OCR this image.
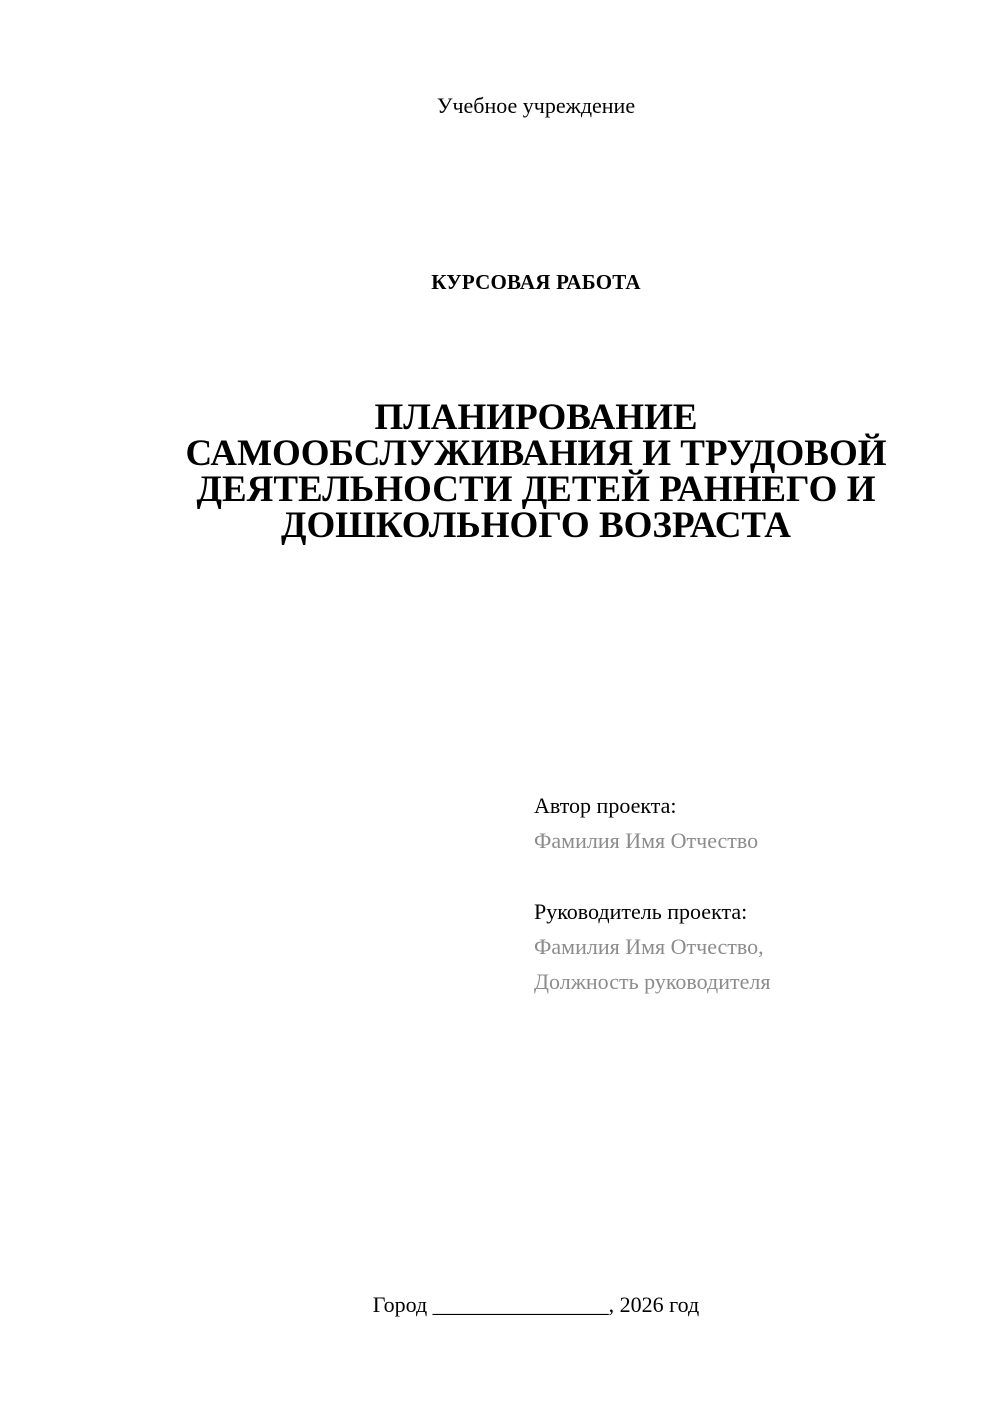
Учебное учреждение
КУРСОВАЯ РАБОТА
ПЛАНИРОВАНИЕ
САМООБСЛУЖИВАНИЯ И ТРУДОВОЙ
ДЕЯТЕЛЬНОСТИ ДЕТЕЙ РАННЕГО И
ДОШКОЛЬНОГО ВОЗРАСТА
Автор проекта:
Фамилия Имя Отчество
Руководитель проекта:
Фамилия Имя Отчество,
Должность руководителя
Город ________________, 2026 год
